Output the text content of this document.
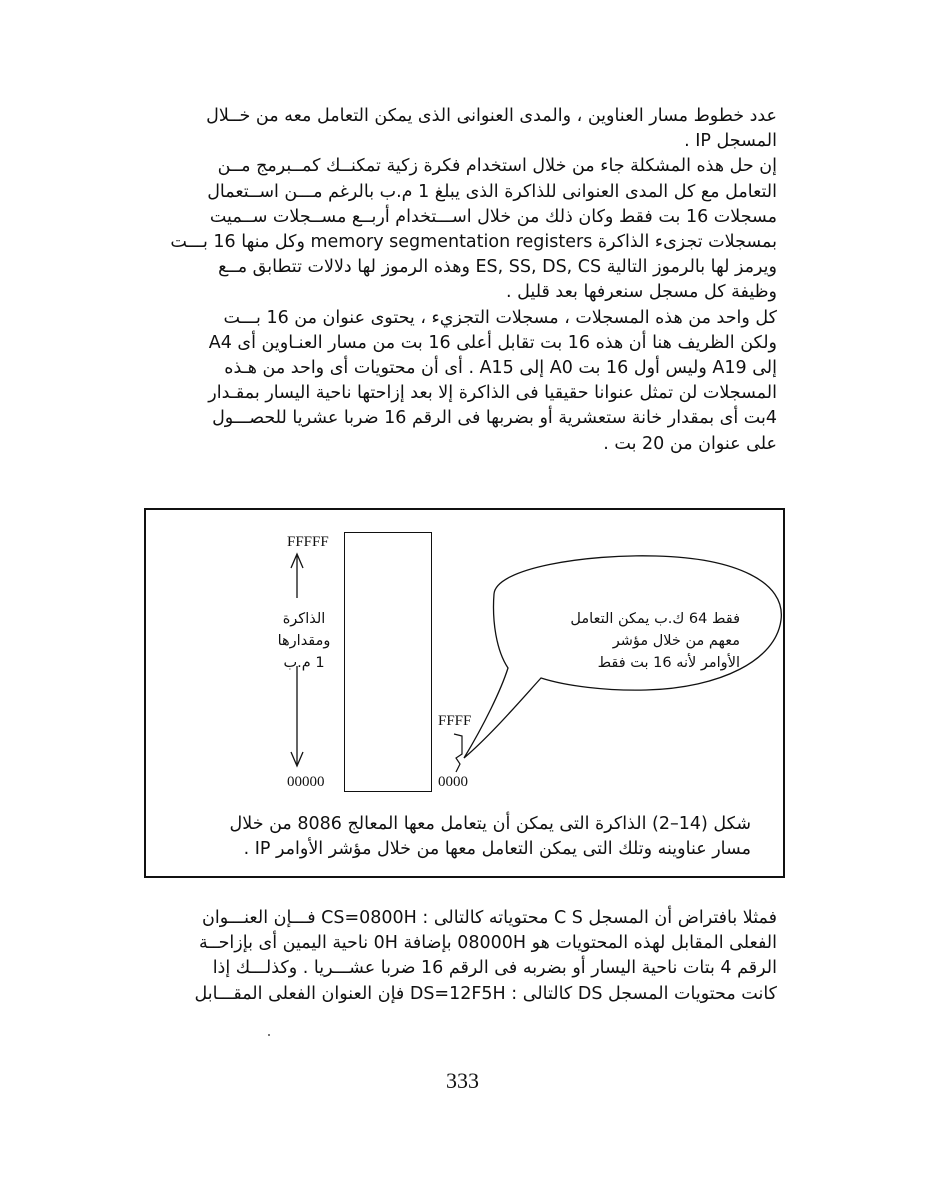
عدد خطوط مسار العناوين ، والمدى العنوانى الذى يمكن التعامل معه من خــلال

المسجل IP .

إن حل هذه المشكلة جاء من خلال استخدام فكرة زكية تمكنــك كمــبرمج مــن

التعامل مع كل المدى العنوانى للذاكرة الذى يبلغ 1 م.ب بالرغم مـــن اســتعمال

مسجلات 16 بت فقط وكان ذلك من خلال اســـتخدام أربــع مســجلات ســميت

بمسجلات تجزىء الذاكرة memory segmentation registers وكل منها 16 بـــت

ويرمز لها بالرموز التالية ES, SS, DS, CS وهذه الرموز لها دلالات تتطابق مــع

وظيفة كل مسجل سنعرفها بعد قليل .

كل واحد من هذه المسجلات ، مسجلات التجزيء ، يحتوى عنوان من 16 بـــت

ولكن الظريف هنا أن هذه 16 بت تقابل أعلى 16 بت من مسار العنـاوين أى A4

إلى A19 وليس أول 16 بت A0 إلى A15 . أى أن محتويات أى واحد من هـذه

المسجلات لن تمثل عنوانا حقيقيا فى الذاكرة إلا بعد إزاحتها ناحية اليسار بمقـدار

4بت أى بمقدار خانة ستعشرية أو بضربها فى الرقم 16 ضربا عشريا للحصـــول

على عنوان من 20 بت .

FFFFF
00000
FFFF
0000
الذاكرة
ومقدارها
1 م.ب
فقط 64 ك.ب يمكن التعامل
معهم من خلال مؤشر
الأوامر لأنه 16 بت فقط

شكل (14–2) الذاكرة التى يمكن أن يتعامل معها المعالج 8086 من خلال

مسار عناوينه وتلك التى يمكن التعامل معها من خلال مؤشر الأوامر IP .

فمثلا بافتراض أن المسجل C S محتوياته كالتالى : CS=0800H فـــإن العنـــوان

الفعلى المقابل لهذه المحتويات هو 08000H بإضافة 0H ناحية اليمين أى بإزاحــة

الرقم 4 بتات ناحية اليسار أو بضربه فى الرقم 16 ضربا عشـــريا . وكذلـــك إذا

كانت محتويات المسجل DS كالتالى : DS=12F5H فإن العنوان الفعلى المقـــابل

333
